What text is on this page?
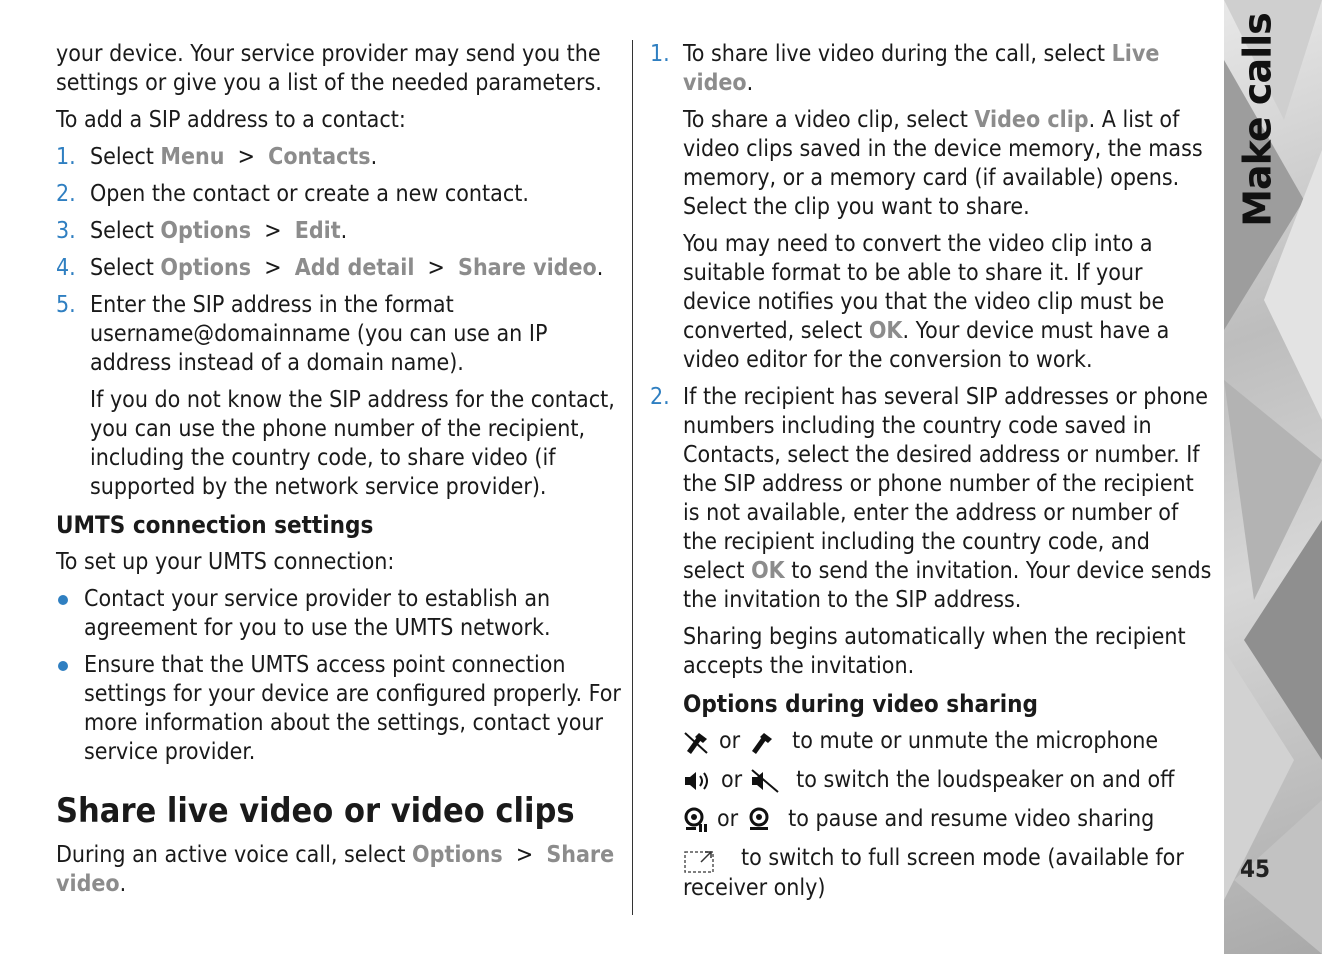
Make calls
45

your device. Your service provider may send you the settings or give you a list of the needed parameters.

To add a SIP address to a contact:

1. Select Menu  >  Contacts.
2. Open the contact or create a new contact.
3. Select Options  >  Edit.
4. Select Options  >  Add detail  >  Share video.
5. Enter the SIP address in the format username@domainname (you can use an IP address instead of a domain name).

If you do not know the SIP address for the contact, you can use the phone number of the recipient, including the country code, to share video (if supported by the network service provider).

UMTS connection settings

To set up your UMTS connection:

Contact your service provider to establish an agreement for you to use the UMTS network.
Ensure that the UMTS access point connection settings for your device are configured properly. For more information about the settings, contact your service provider.
Share live video or video clips

During an active voice call, select Options  >  Share video.

1. To share live video during the call, select Live video.

To share a video clip, select Video clip. A list of video clips saved in the device memory, the mass memory, or a memory card (if available) opens. Select the clip you want to share.

You may need to convert the video clip into a suitable format to be able to share it. If your device notifies you that the video clip must be converted, select OK. Your device must have a video editor for the conversion to work.

2. If the recipient has several SIP addresses or phone numbers including the country code saved in Contacts, select the desired address or number. If the SIP address or phone number of the recipient is not available, enter the address or number of the recipient including the country code, and select OK to send the invitation. Your device sends the invitation to the SIP address.

Sharing begins automatically when the recipient accepts the invitation.

Options during video sharing
or to mute or unmute the microphone
or to switch the loudspeaker on and off
or to pause and resume video sharing
to switch to full screen mode (available for

receiver only)
